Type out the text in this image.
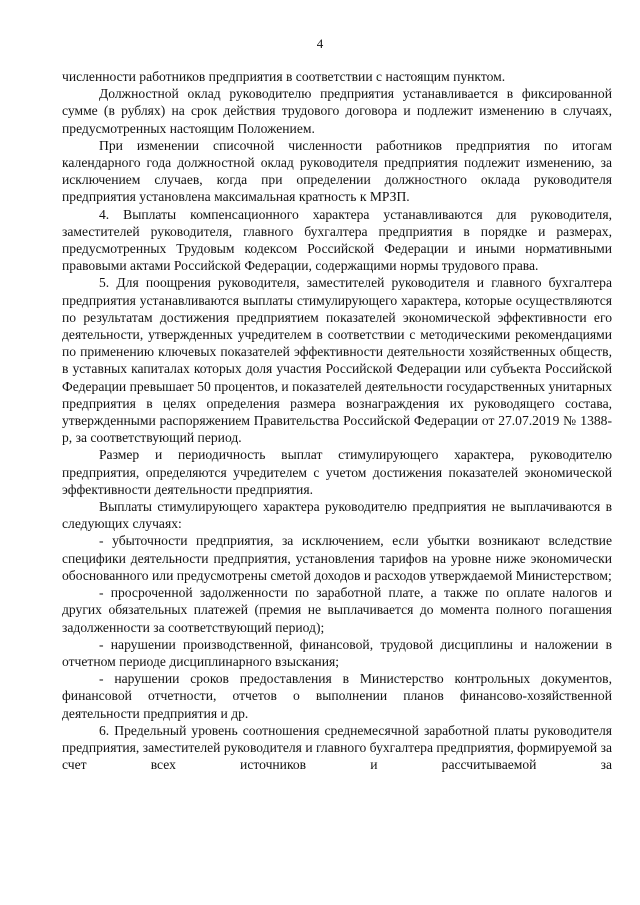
4

численности работников предприятия в соответствии с настоящим пунктом.

Должностной оклад руководителю предприятия устанавливается в фиксированной сумме (в рублях) на срок действия трудового договора и подлежит изменению в случаях, предусмотренных настоящим Положением.

При изменении списочной численности работников предприятия по итогам календарного года должностной оклад руководителя предприятия подлежит изменению, за исключением случаев, когда при определении должностного оклада руководителя предприятия установлена максимальная кратность к МРЗП.

4. Выплаты компенсационного характера устанавливаются для руководителя, заместителей руководителя, главного бухгалтера предприятия в порядке и размерах, предусмотренных Трудовым кодексом Российской Федерации и иными нормативными правовыми актами Российской Федерации, содержащими нормы трудового права.

5. Для поощрения руководителя, заместителей руководителя и главного бухгалтера предприятия устанавливаются выплаты стимулирующего характера, которые осуществляются по результатам достижения предприятием показателей экономической эффективности его деятельности, утвержденных учредителем в соответствии с методическими рекомендациями по применению ключевых показателей эффективности деятельности хозяйственных обществ, в уставных капиталах которых доля участия Российской Федерации или субъекта Российской Федерации превышает 50 процентов, и показателей деятельности государственных унитарных предприятия в целях определения размера вознаграждения их руководящего состава, утвержденными распоряжением Правительства Российской Федерации от 27.07.2019 № 1388-р, за соответствующий период.

Размер и периодичность выплат стимулирующего характера, руководителю предприятия, определяются учредителем с учетом достижения показателей экономической эффективности деятельности предприятия.

Выплаты стимулирующего характера руководителю предприятия не выплачиваются в следующих случаях:

- убыточности предприятия, за исключением, если убытки возникают вследствие специфики деятельности предприятия, установления тарифов на уровне ниже экономически обоснованного или предусмотрены сметой доходов и расходов утверждаемой Министерством;

- просроченной задолженности по заработной плате, а также по оплате налогов и других обязательных платежей (премия не выплачивается до момента полного погашения задолженности за соответствующий период);

- нарушении производственной, финансовой, трудовой дисциплины и наложении в отчетном периоде дисциплинарного взыскания;

- нарушении сроков предоставления в Министерство контрольных документов, финансовой отчетности, отчетов о выполнении планов финансово-хозяйственной деятельности предприятия и др.

6. Предельный уровень соотношения среднемесячной заработной платы руководителя предприятия, заместителей руководителя и главного бухгалтера предприятия, формируемой за счет всех источников и рассчитываемой за
